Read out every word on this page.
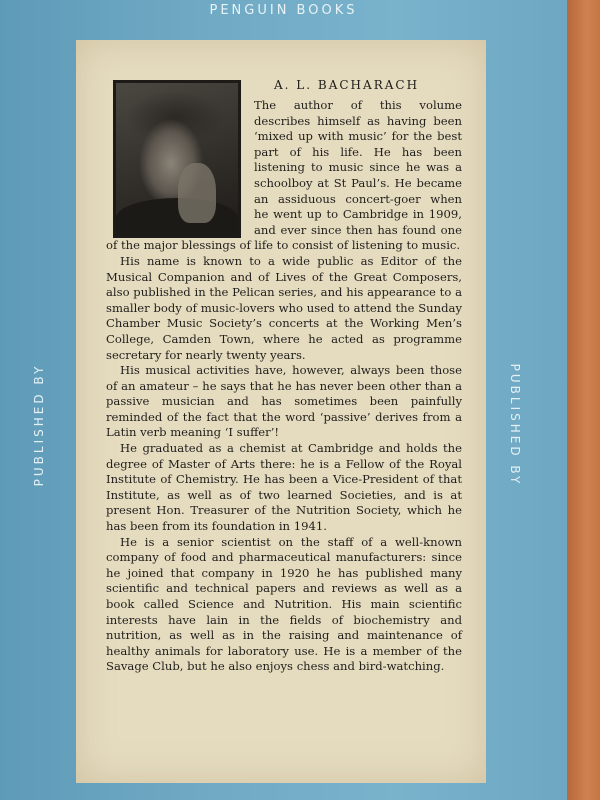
PENGUIN BOOKS
PUBLISHED BY	PUBLISHED BY
A. L. BACHARACH

The author of this volume describes himself as having been ‘mixed up with music’ for the best part of his life. He has been listening to music since he was a schoolboy at St Paul’s. He became an assiduous concert-goer when he went up to Cambridge in 1909, and ever since then has found one of the major blessings of life to consist of listening to music.

His name is known to a wide public as Editor of the Musical Companion and of Lives of the Great Composers, also published in the Pelican series, and his appearance to a smaller body of music-lovers who used to attend the Sunday Chamber Music Society’s concerts at the Working Men’s College, Camden Town, where he acted as programme secretary for nearly twenty years.

His musical activities have, however, always been those of an amateur – he says that he has never been other than a passive musician and has sometimes been painfully reminded of the fact that the word ‘passive’ derives from a Latin verb meaning ‘I suffer’!

He graduated as a chemist at Cambridge and holds the degree of Master of Arts there: he is a Fellow of the Royal Institute of Chemistry. He has been a Vice-President of that Institute, as well as of two learned Societies, and is at present Hon. Treasurer of the Nutrition Society, which he has been from its foundation in 1941.

He is a senior scientist on the staff of a well-known company of food and pharmaceutical manufacturers: since he joined that company in 1920 he has published many scientific and technical papers and reviews as well as a book called Science and Nutrition. His main scientific interests have lain in the fields of biochemistry and nutrition, as well as in the raising and maintenance of healthy animals for laboratory use. He is a member of the Savage Club, but he also enjoys chess and bird-watching.
